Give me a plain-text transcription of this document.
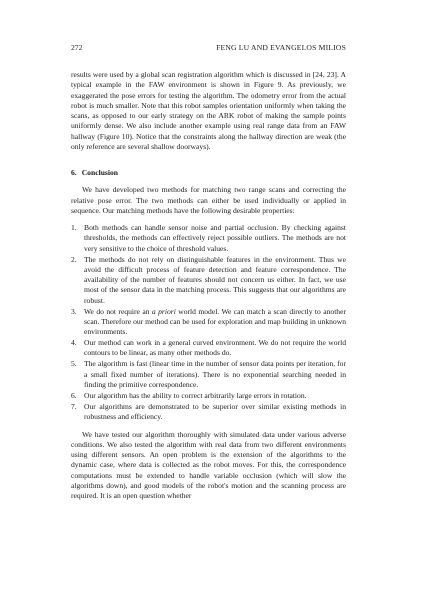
272	FENG LU AND EVANGELOS MILIOS

results were used by a global scan registration algorithm which is discussed in [24, 23]. A typical example in the FAW environment is shown in Figure 9. As previously, we exaggerated the pose errors for testing the algorithm. The odometry error from the actual robot is much smaller. Note that this robot samples orientation uniformly when taking the scans, as opposed to our early strategy on the ARK robot of making the sample points uniformly dense. We also include another example using real range data from an FAW hallway (Figure 10). Notice that the constraints along the hallway direction are weak (the only reference are several shallow doorways).

6. Conclusion

We have developed two methods for matching two range scans and correcting the relative pose error. The two methods can either be used individually or applied in sequence. Our matching methods have the following desirable properties:

1. Both methods can handle sensor noise and partial occlusion. By checking against thresholds, the methods can effectively reject possible outliers. The methods are not very sensitive to the choice of threshold values.
2. The methods do not rely on distinguishable features in the environment. Thus we avoid the difficult process of feature detection and feature correspondence. The availability of the number of features should not concern us either. In fact, we use most of the sensor data in the matching process. This suggests that our algorithms are robust.
3. We do not require an a priori world model. We can match a scan directly to another scan. Therefore our method can be used for exploration and map building in unknown environments.
4. Our method can work in a general curved environment. We do not require the world contours to be linear, as many other methods do.
5. The algorithm is fast (linear time in the number of sensor data points per iteration, for a small fixed number of iterations). There is no exponential searching needed in finding the primitive correspondence.
6. Our algorithm has the ability to correct arbitrarily large errors in rotation.
7. Our algorithms are demonstrated to be superior over similar existing methods in robustness and efficiency.

We have tested our algorithm thoroughly with simulated data under various adverse conditions. We also tested the algorithm with real data from two different environments using different sensors. An open problem is the extension of the algorithms to the dynamic case, where data is collected as the robot moves. For this, the correspondence computations must be extended to handle variable occlusion (which will slow the algorithms down), and good models of the robot's motion and the scanning process are required. It is an open question whether
